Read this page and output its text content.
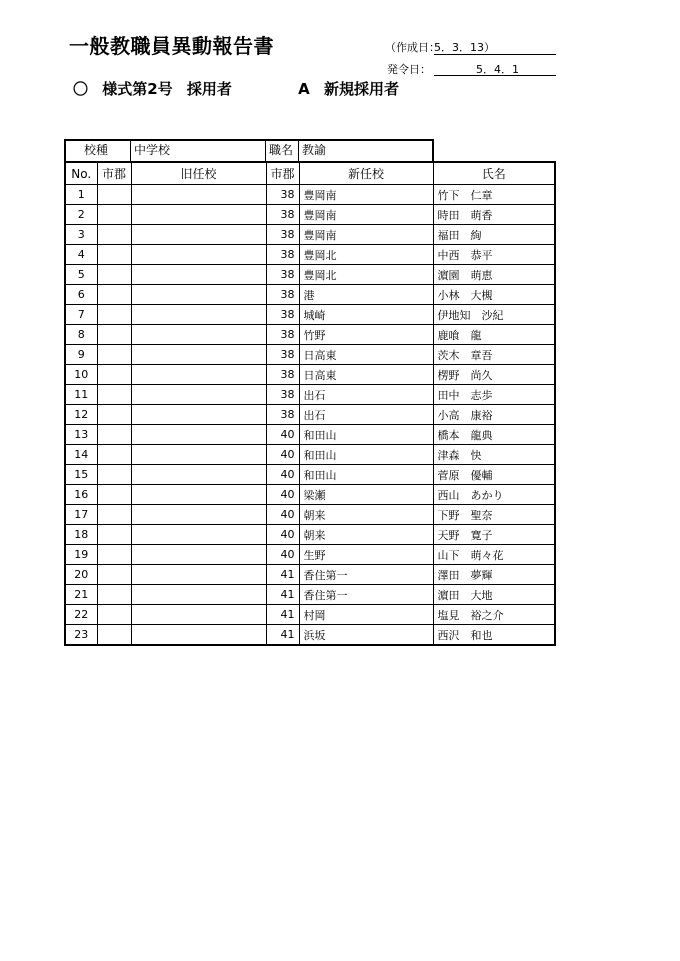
一般教職員異動報告書	（作成日：
5．3．13）
発令日：	5．4．1
〇 様式第2号 採用者	A 新規採用者
校種 中学校	職名 教諭
No.	市郡	旧任校	市郡	新任校	氏名
1			38	豊岡南	竹下　仁章
2			38	豊岡南	時田　萌香
3			38	豊岡南	福田　絢
4			38	豊岡北	中西　恭平
5			38	豊岡北	濵園　萌恵
6			38	港	小林　大槻
7			38	城崎	伊地知　沙紀
8			38	竹野	鹿喰　龍
9			38	日高東	茨木　章吾
10			38	日高東	楞野　尚久
11			38	出石	田中　志歩
12			38	出石	小高　康裕
13			40	和田山	橋本　龍典
14			40	和田山	津森　快
15			40	和田山	菅原　優輔
16			40	梁瀬	西山　あかり
17			40	朝来	下野　聖奈
18			40	朝来	天野　寛子
19			40	生野	山下　萌々花
20			41	香住第一	澤田　夢輝
21			41	香住第一	濵田　大地
22			41	村岡	塩見　裕之介
23			41	浜坂	西沢　和也
